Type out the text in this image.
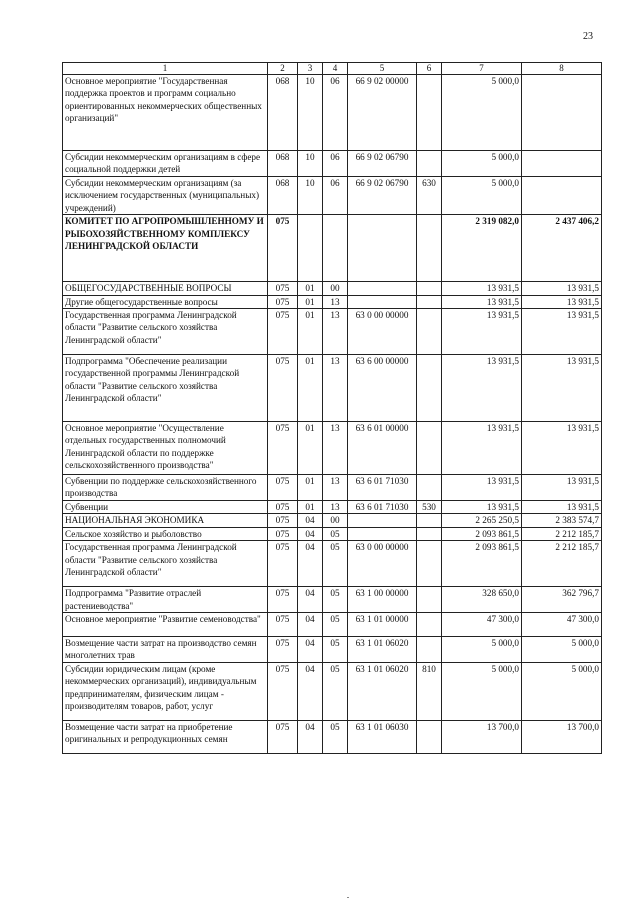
23
1	2	3	4	5	6	7	8
Основное мероприятие "Государственная поддержка проектов и программ социально ориентированных некоммерческих общественных организаций"	068	10	06	66 9 02 00000		5 000,0	
Субсидии некоммерческим организациям в сфере социальной поддержки детей	068	10	06	66 9 02 06790		5 000,0	
Субсидии некоммерческим организациям (за исключением государственных (муниципальных) учреждений)	068	10	06	66 9 02 06790	630	5 000,0	
КОМИТЕТ ПО АГРОПРОМЫШЛЕННОМУ И РЫБОХОЗЯЙСТВЕННОМУ КОМПЛЕКСУ ЛЕНИНГРАДСКОЙ ОБЛАСТИ	075					2 319 082,0	2 437 406,2
ОБЩЕГОСУДАРСТВЕННЫЕ ВОПРОСЫ	075	01	00			13 931,5	13 931,5
Другие общегосударственные вопросы	075	01	13			13 931,5	13 931,5
Государственная программа Ленинградской области "Развитие сельского хозяйства Ленинградской области"	075	01	13	63 0 00 00000		13 931,5	13 931,5
Подпрограмма "Обеспечение реализации государственной программы Ленинградской области "Развитие сельского хозяйства Ленинградской области"	075	01	13	63 6 00 00000		13 931,5	13 931,5
Основное мероприятие "Осуществление отдельных государственных полномочий Ленинградской области по поддержке сельскохозяйственного производства"	075	01	13	63 6 01 00000		13 931,5	13 931,5
Субвенции по поддержке сельскохозяйственного производства	075	01	13	63 6 01 71030		13 931,5	13 931,5
Субвенции	075	01	13	63 6 01 71030	530	13 931,5	13 931,5
НАЦИОНАЛЬНАЯ ЭКОНОМИКА	075	04	00			2 265 250,5	2 383 574,7
Сельское хозяйство и рыболовство	075	04	05			2 093 861,5	2 212 185,7
Государственная программа Ленинградской области "Развитие сельского хозяйства Ленинградской области"	075	04	05	63 0 00 00000		2 093 861,5	2 212 185,7
Подпрограмма "Развитие отраслей растениеводства"	075	04	05	63 1 00 00000		328 650,0	362 796,7
Основное мероприятие "Развитие семеноводства"	075	04	05	63 1 01 00000		47 300,0	47 300,0
Возмещение части затрат на производство семян многолетних трав	075	04	05	63 1 01 06020		5 000,0	5 000,0
Субсидии юридическим лицам (кроме некоммерческих организаций), индивидуальным предпринимателям, физическим лицам - производителям товаров, работ, услуг	075	04	05	63 1 01 06020	810	5 000,0	5 000,0
Возмещение части затрат на приобретение оригинальных и репродукционных семян	075	04	05	63 1 01 06030		13 700,0	13 700,0
